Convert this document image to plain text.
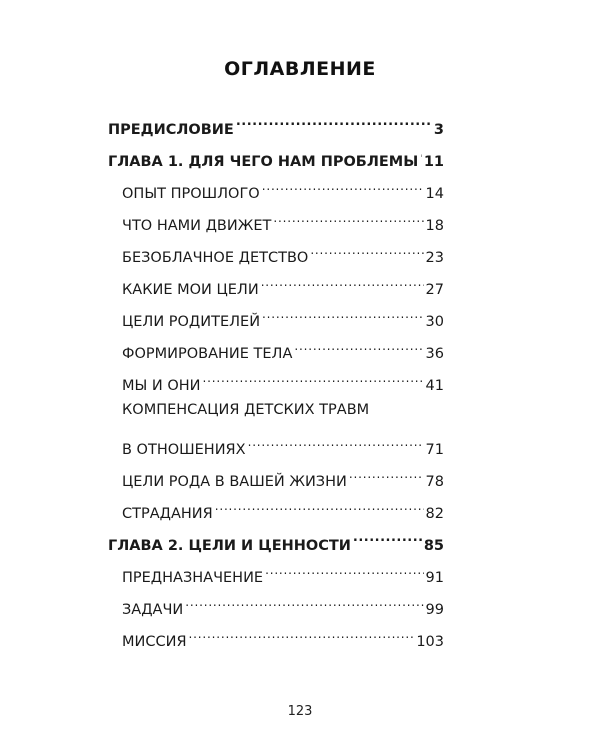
ОГЛАВЛЕНИЕ
ПРЕДИСЛОВИЕ .....	3
ГЛАВА 1. ДЛЯ ЧЕГО НАМ ПРОБЛЕМЫ ..... 11
ОПЫТ ПРОШЛОГО .....	14
ЧТО НАМИ ДВИЖЕТ .....	18
БЕЗОБЛАЧНОЕ ДЕТСТВО .....	23
КАКИЕ МОИ ЦЕЛИ .....	27
ЦЕЛИ РОДИТЕЛЕЙ .....	30
ФОРМИРОВАНИЕ ТЕЛА .....	36
МЫ И ОНИ .....	41
КОМПЕНСАЦИЯ ДЕТСКИХ ТРАВМ
В ОТНОШЕНИЯХ .....	71
ЦЕЛИ РОДА В ВАШЕЙ ЖИЗНИ .....	78
СТРАДАНИЯ .....	82
ГЛАВА 2. ЦЕЛИ И ЦЕННОСТИ .....	85
ПРЕДНАЗНАЧЕНИЕ .....	91
ЗАДАЧИ .....	99
МИССИЯ .....	103
123
